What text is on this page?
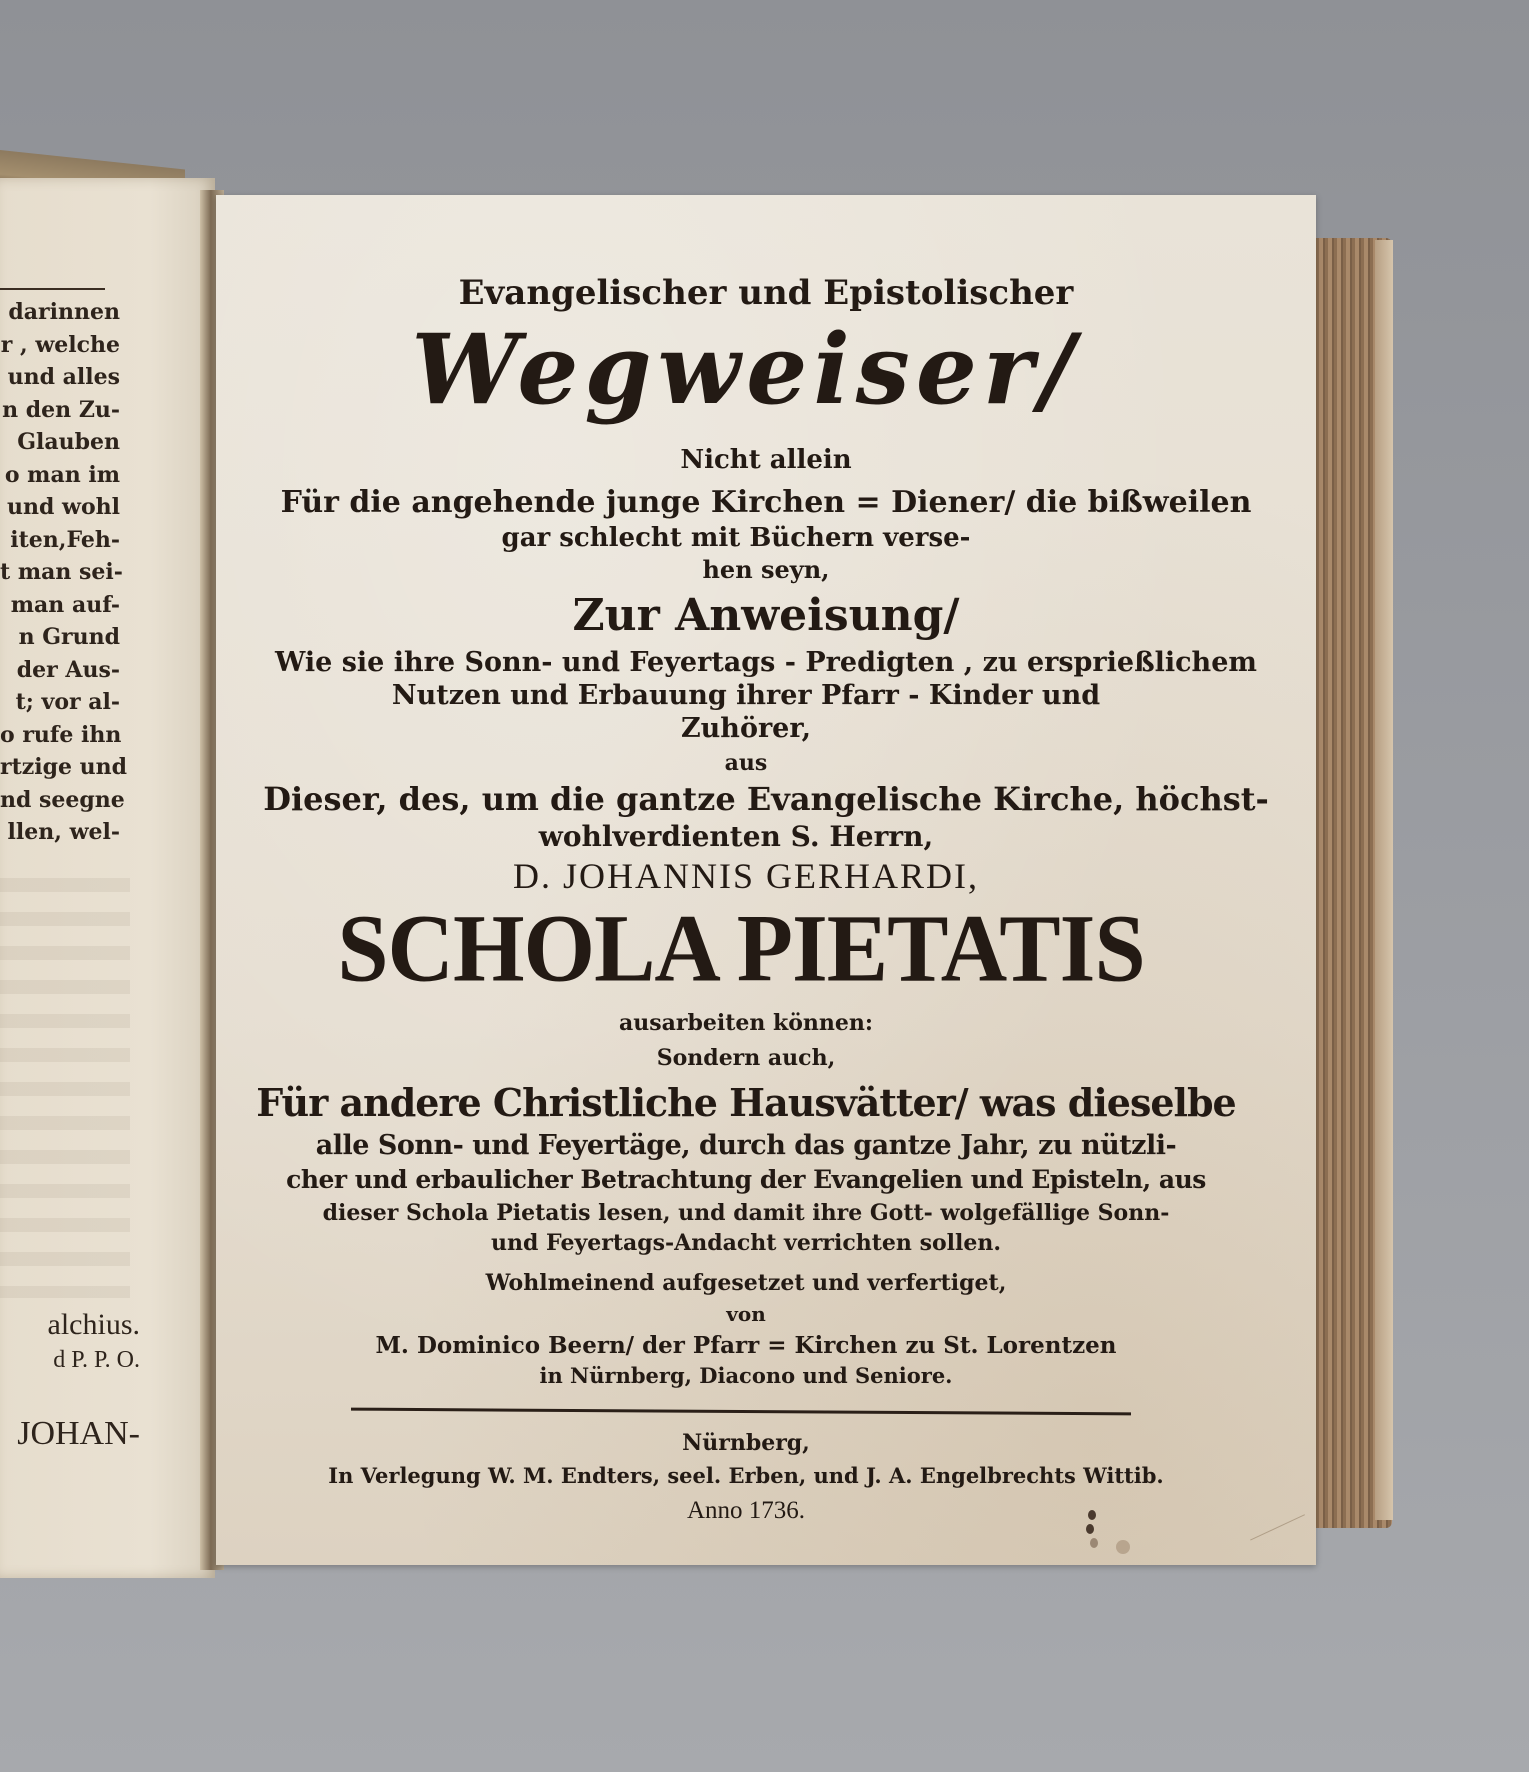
darinnen
r , welche
und alles
n den Zu-
Glauben
o man im
und wohl
iten,Feh-
t man sei-
man auf-
n Grund
der Aus-
t; vor al-
o rufe ihn
rtzige und
nd seegne
llen, wel-
alchius.
d P. P. O.
JOHAN-
Evangelischer und Epistolischer
Wegweiser/
Nicht allein
Für die angehende junge Kirchen = Diener/ die bißweilen
gar schlecht mit Büchern verse-
hen seyn,
Zur Anweisung/
Wie sie ihre Sonn- und Feyertags - Predigten , zu ersprießlichem
Nutzen und Erbauung ihrer Pfarr - Kinder und
Zuhörer,
aus
Dieser, des, um die gantze Evangelische Kirche, höchst-
wohlverdienten S. Herrn,
D. JOHANNIS GERHARDI,
SCHOLA PIETATIS
ausarbeiten können:
Sondern auch,
Für andere Christliche Hausvätter/ was dieselbe
alle Sonn- und Feyertäge, durch das gantze Jahr, zu nützli-
cher und erbaulicher Betrachtung der Evangelien und Episteln, aus
dieser Schola Pietatis lesen, und damit ihre Gott- wolgefällige Sonn-
und Feyertags-Andacht verrichten sollen.
Wohlmeinend aufgesetzet und verfertiget,
von
M. Dominico Beern/ der Pfarr = Kirchen zu St. Lorentzen
in Nürnberg, Diacono und Seniore.
Nürnberg,
In Verlegung W. M. Endters, seel. Erben, und J. A. Engelbrechts Wittib.
Anno 1736.
